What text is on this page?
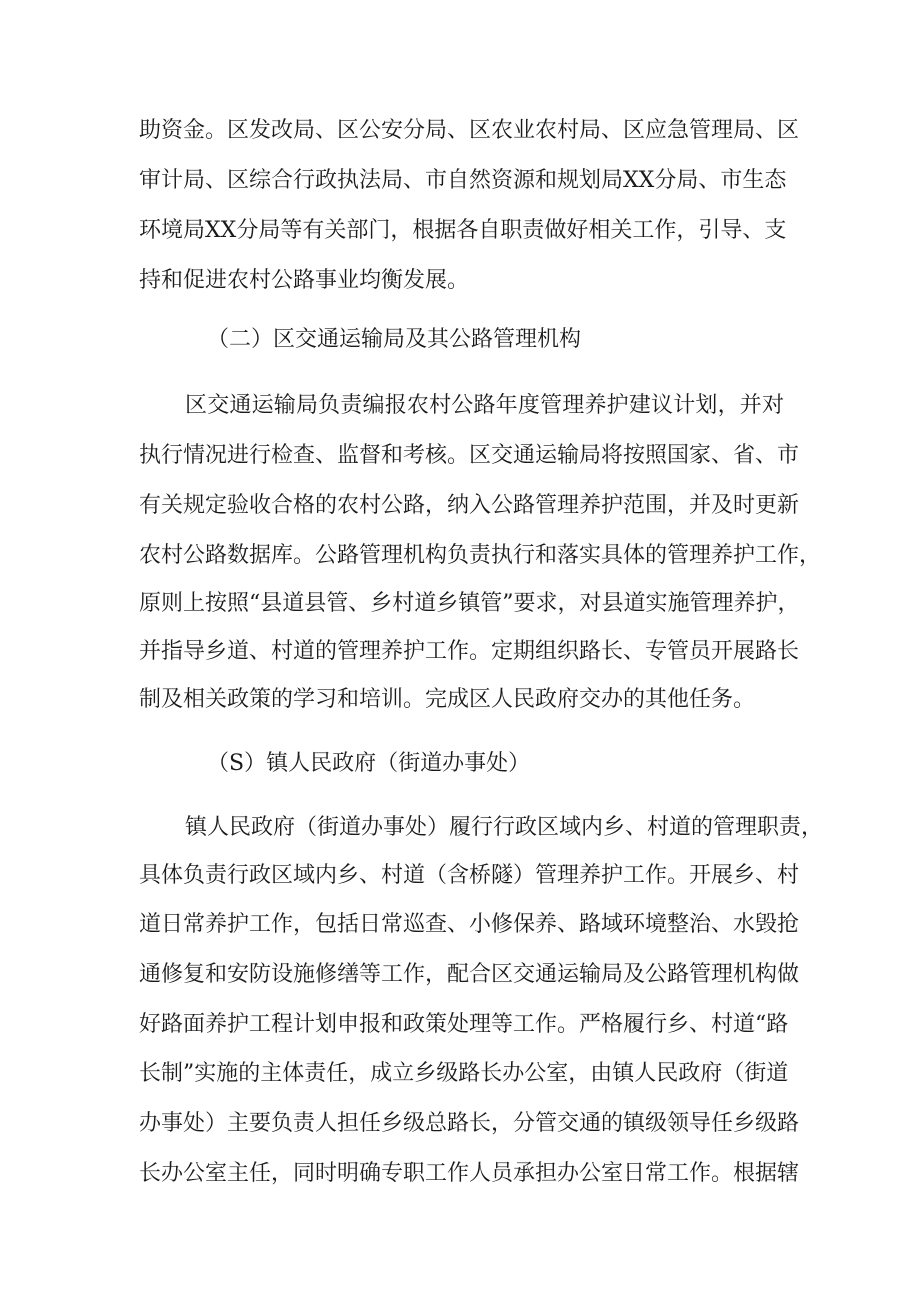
助资金。区发改局、区公安分局、区农业农村局、区应急管理局、区
审计局、区综合行政执法局、市自然资源和规划局XX分局、市生态
环境局XX分局等有关部门，根据各自职责做好相关工作，引导、支
持和促进农村公路事业均衡发展。
（二）区交通运输局及其公路管理机构
区交通运输局负责编报农村公路年度管理养护建议计划，并对
执行情况进行检查、监督和考核。区交通运输局将按照国家、省、市
有关规定验收合格的农村公路，纳入公路管理养护范围，并及时更新
农村公路数据库。公路管理机构负责执行和落实具体的管理养护工作，
原则上按照“县道县管、乡村道乡镇管”要求，对县道实施管理养护，
并指导乡道、村道的管理养护工作。定期组织路长、专管员开展路长
制及相关政策的学习和培训。完成区人民政府交办的其他任务。
（S）镇人民政府（街道办事处）
镇人民政府（街道办事处）履行行政区域内乡、村道的管理职责，
具体负责行政区域内乡、村道（含桥隧）管理养护工作。开展乡、村
道日常养护工作，包括日常巡查、小修保养、路域环境整治、水毁抢
通修复和安防设施修缮等工作，配合区交通运输局及公路管理机构做
好路面养护工程计划申报和政策处理等工作。严格履行乡、村道“路
长制”实施的主体责任，成立乡级路长办公室，由镇人民政府（街道
办事处）主要负责人担任乡级总路长，分管交通的镇级领导任乡级路
长办公室主任，同时明确专职工作人员承担办公室日常工作。根据辖
